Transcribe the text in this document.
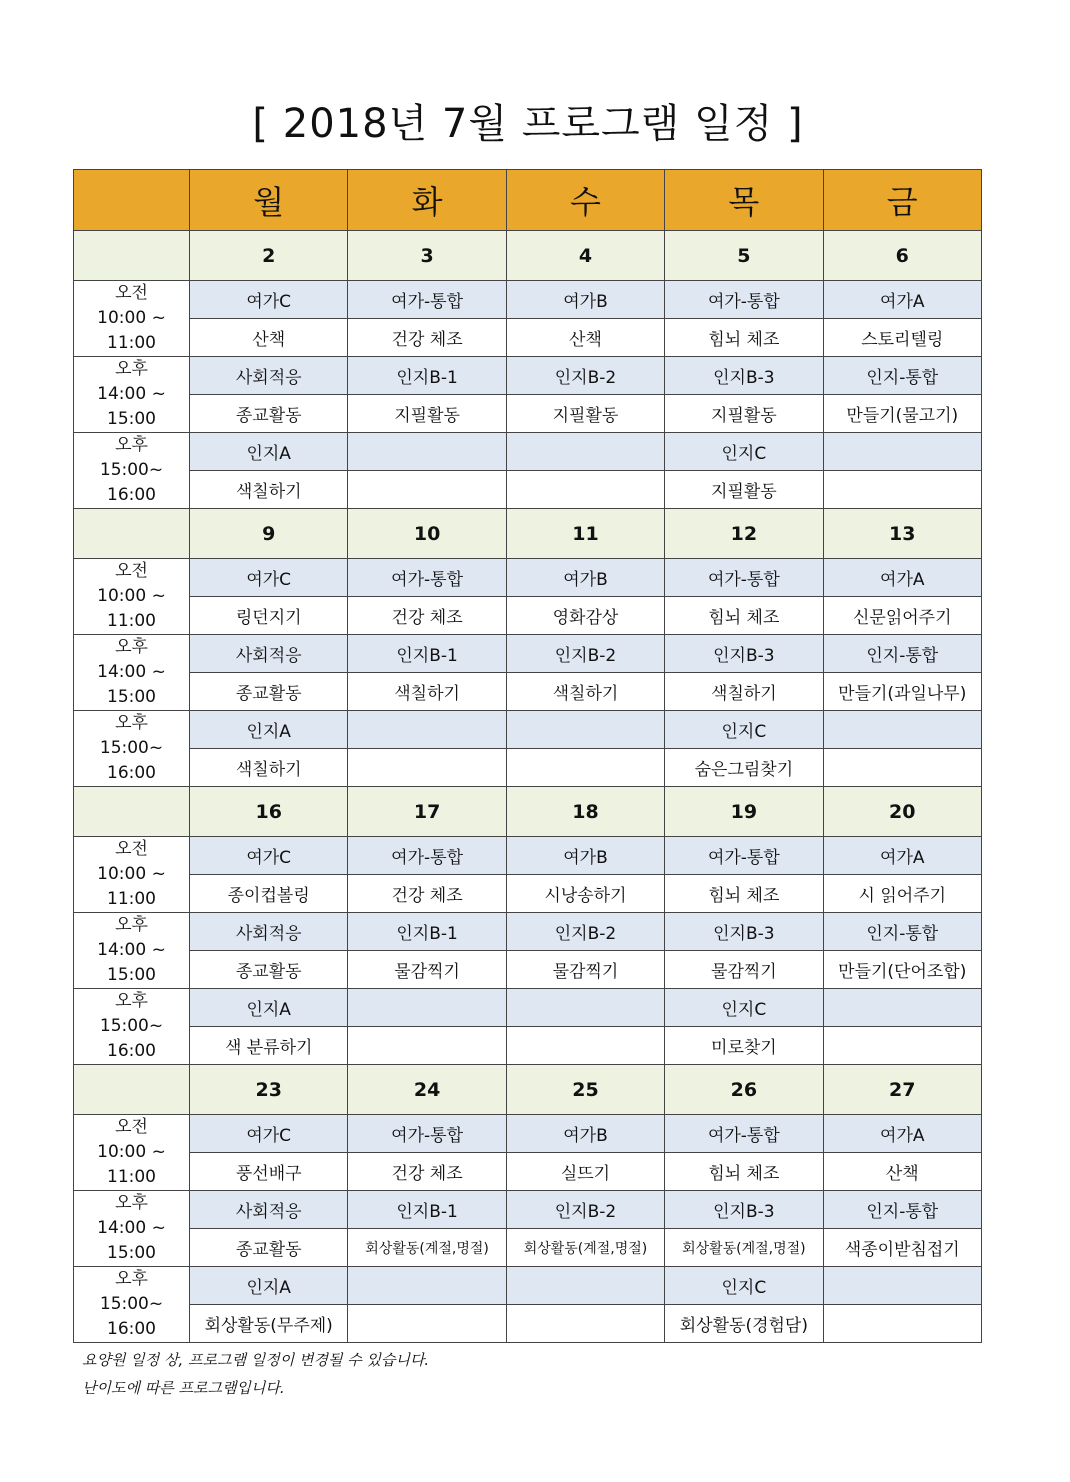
[ 2018년 7월 프로그램 일정 ]
	월	화	수	목	금
	2	3	4	5	6

오전
10:00 ~
11:00	여가C	여가-통합	여가B	여가-통합	여가A
	산책	건강 체조	산책	힘뇌 체조	스토리텔링

오후
14:00 ~
15:00	사회적응	인지B-1	인지B-2	인지B-3	인지-통합
	종교활동	지필활동	지필활동	지필활동	만들기(물고기)

오후
15:00~
16:00	인지A			인지C	
	색칠하기			지필활동	
	9	10	11	12	13

오전
10:00 ~
11:00	여가C	여가-통합	여가B	여가-통합	여가A
	링던지기	건강 체조	영화감상	힘뇌 체조	신문읽어주기

오후
14:00 ~
15:00	사회적응	인지B-1	인지B-2	인지B-3	인지-통합
	종교활동	색칠하기	색칠하기	색칠하기	만들기(과일나무)

오후
15:00~
16:00	인지A			인지C	
	색칠하기			숨은그림찾기	
	16	17	18	19	20

오전
10:00 ~
11:00	여가C	여가-통합	여가B	여가-통합	여가A
	종이컵볼링	건강 체조	시낭송하기	힘뇌 체조	시 읽어주기

오후
14:00 ~
15:00	사회적응	인지B-1	인지B-2	인지B-3	인지-통합
	종교활동	물감찍기	물감찍기	물감찍기	만들기(단어조합)

오후
15:00~
16:00	인지A			인지C	
	색 분류하기			미로찾기	
	23	24	25	26	27

오전
10:00 ~
11:00	여가C	여가-통합	여가B	여가-통합	여가A
	풍선배구	건강 체조	실뜨기	힘뇌 체조	산책

오후
14:00 ~
15:00	사회적응	인지B-1	인지B-2	인지B-3	인지-통합
	종교활동	회상활동(계절,명절)	회상활동(계절,명절)	회상활동(계절,명절)	색종이받침접기

오후
15:00~
16:00	인지A			인지C	
	회상활동(무주제)			회상활동(경험담)	
요양원 일정 상, 프로그램 일정이 변경될 수 있습니다.
난이도에 따른 프로그램입니다.
